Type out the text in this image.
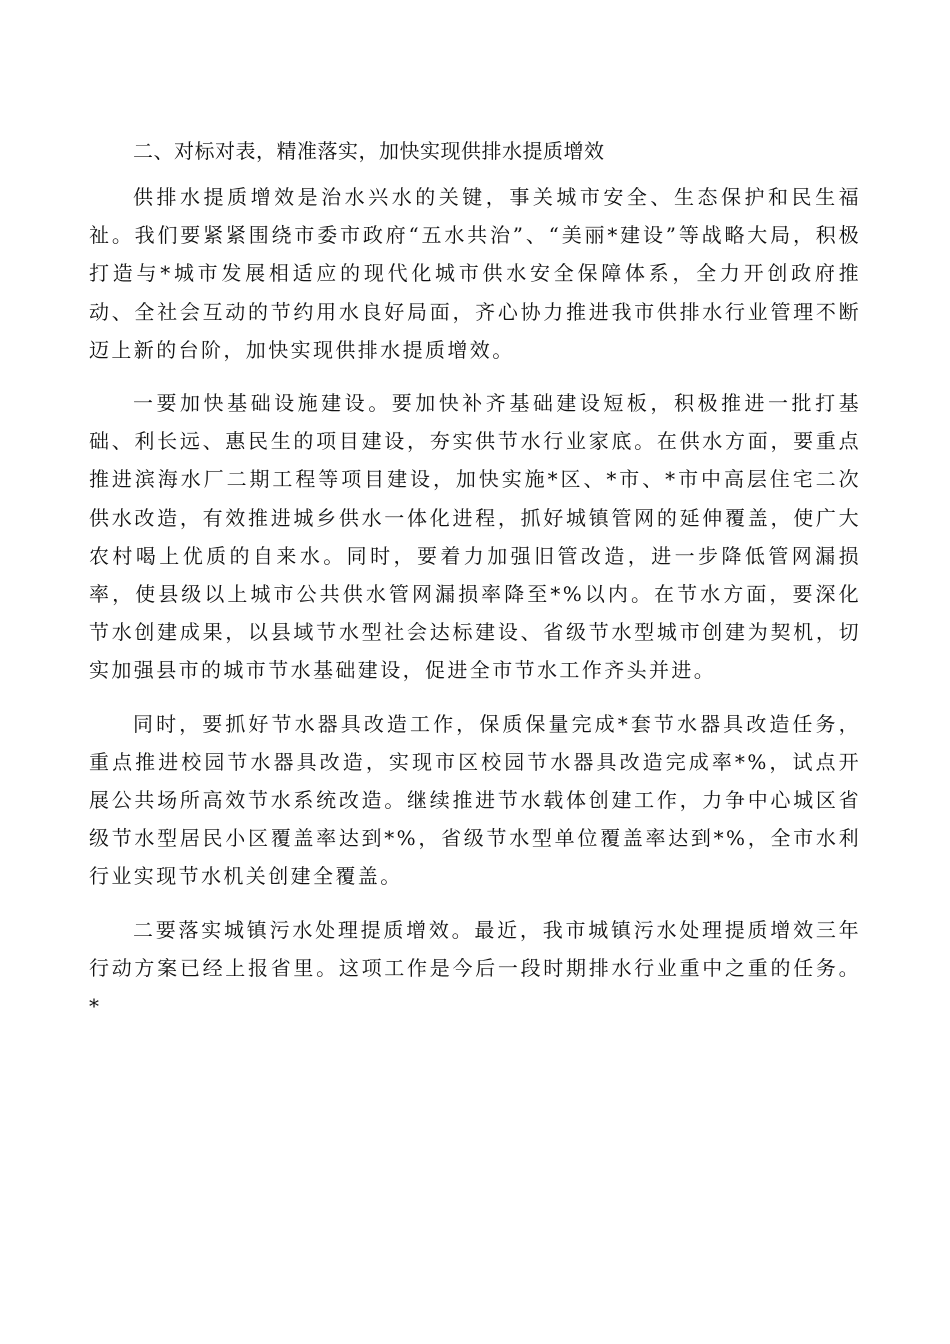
二、对标对表，精准落实，加快实现供排水提质增效

供排水提质增效是治水兴水的关键，事关城市安全、生态保护和民生福祉。我们要紧紧围绕市委市政府“五水共治”、“美丽*建设”等战略大局，积极打造与*城市发展相适应的现代化城市供水安全保障体系，全力开创政府推动、全社会互动的节约用水良好局面，齐心协力推进我市供排水行业管理不断迈上新的台阶，加快实现供排水提质增效。

一要加快基础设施建设。要加快补齐基础建设短板，积极推进一批打基础、利长远、惠民生的项目建设，夯实供节水行业家底。在供水方面，要重点推进滨海水厂二期工程等项目建设，加快实施*区、*市、*市中高层住宅二次供水改造，有效推进城乡供水一体化进程，抓好城镇管网的延伸覆盖，使广大农村喝上优质的自来水。同时，要着力加强旧管改造，进一步降低管网漏损率，使县级以上城市公共供水管网漏损率降至*%以内。在节水方面，要深化节水创建成果，以县域节水型社会达标建设、省级节水型城市创建为契机，切实加强县市的城市节水基础建设，促进全市节水工作齐头并进。

同时，要抓好节水器具改造工作，保质保量完成*套节水器具改造任务，重点推进校园节水器具改造，实现市区校园节水器具改造完成率*%，试点开展公共场所高效节水系统改造。继续推进节水载体创建工作，力争中心城区省级节水型居民小区覆盖率达到*%，省级节水型单位覆盖率达到*%，全市水利行业实现节水机关创建全覆盖。

二要落实城镇污水处理提质增效。最近，我市城镇污水处理提质增效三年行动方案已经上报省里。这项工作是今后一段时期排水行业重中之重的任务。*
